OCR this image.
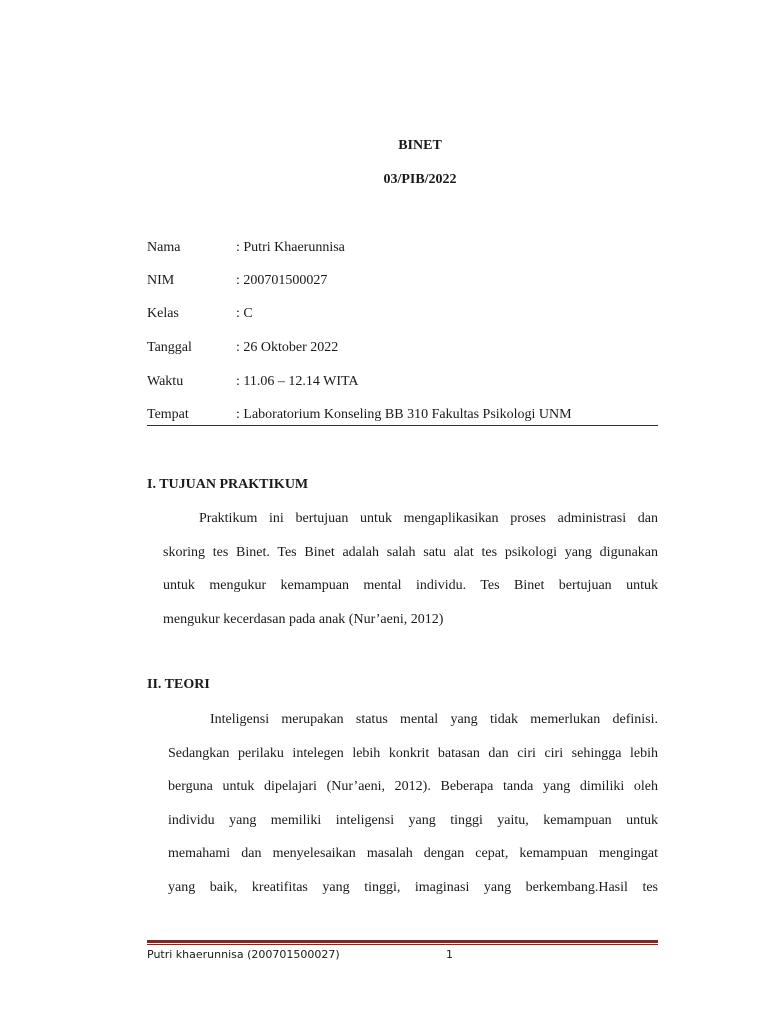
BINET
03/PIB/2022
Nama	: Putri Khaerunnisa
NIM	: 200701500027
Kelas	: C
Tanggal	: 26 Oktober 2022
Waktu	: 11.06 – 12.14 WITA
Tempat	: Laboratorium Konseling BB 310 Fakultas Psikologi UNM
I. TUJUAN PRAKTIKUM
Praktikum ini bertujuan untuk mengaplikasikan proses administrasi dan
skoring tes Binet. Tes Binet adalah salah satu alat tes psikologi yang digunakan
untuk mengukur kemampuan mental individu. Tes Binet bertujuan untuk
mengukur kecerdasan pada anak (Nur’aeni, 2012)
II. TEORI
Inteligensi merupakan status mental yang tidak memerlukan definisi.
Sedangkan perilaku intelegen lebih konkrit batasan dan ciri ciri sehingga lebih
berguna untuk dipelajari (Nur’aeni, 2012). Beberapa tanda yang dimiliki oleh
individu yang memiliki inteligensi yang tinggi yaitu, kemampuan untuk
memahami dan menyelesaikan masalah dengan cepat, kemampuan mengingat
yang baik, kreatifitas yang tinggi, imaginasi yang berkembang.Hasil tes
Putri khaerunnisa (200701500027)	1
